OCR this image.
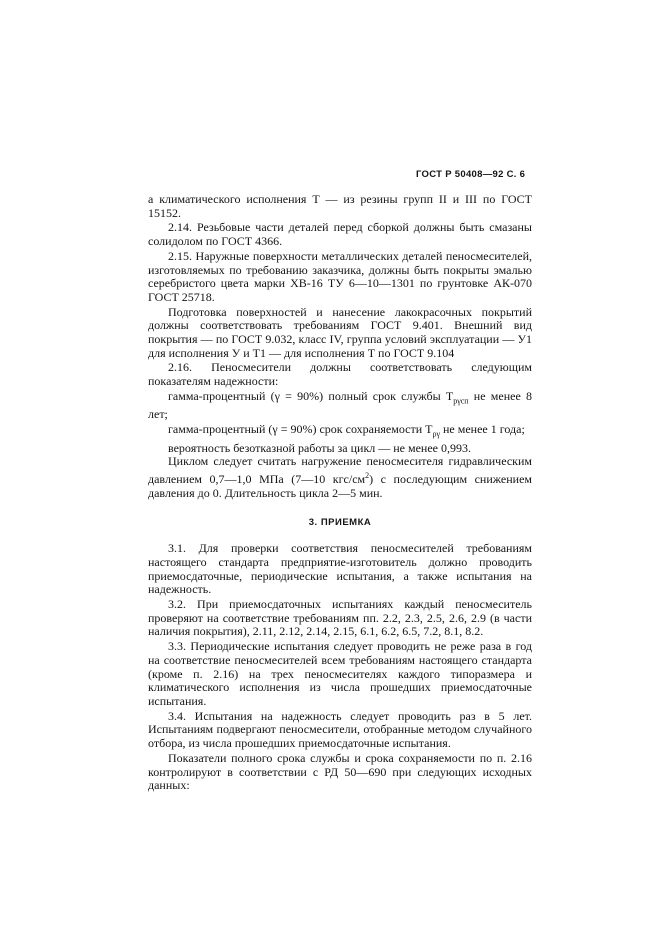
ГОСТ Р 50408—92 С. 6

а климатического исполнения Т — из резины групп II и III по ГОСТ 15152.

2.14. Резьбовые части деталей перед сборкой должны быть смазаны солидолом по ГОСТ 4366.

2.15. Наружные поверхности металлических деталей пеносмесителей, изготовляемых по требованию заказчика, должны быть покрыты эмалью серебристого цвета марки ХВ-16 ТУ 6—10—1301 по грунтовке АК-070 ГОСТ 25718.

Подготовка поверхностей и нанесение лакокрасочных покрытий должны соответствовать требованиям ГОСТ 9.401. Внешний вид покрытия — по ГОСТ 9.032, класс IV, группа условий эксплуатации — У1 для исполнения У и Т1 — для исполнения Т по ГОСТ 9.104

2.16. Пеносмесители должны соответствовать следующим показателям надежности:

гамма-процентный (γ = 90%) полный срок службы $T_{р\gamma сп}$ не менее 8 лет;

гамма-процентный (γ = 90%) срок сохраняемости $T_{\rho\gamma}$ не менее 1 года;

вероятность безотказной работы за цикл — не менее 0,993.

Циклом следует считать нагружение пеносмесителя гидравлическим давлением 0,7—1,0 МПа (7—10 кгс/$см^2$) с последующим снижением давления до 0. Длительность цикла 2—5 мин.

3. ПРИЕМКА

3.1. Для проверки соответствия пеносмесителей требованиям настоящего стандарта предприятие-изготовитель должно проводить приемосдаточные, периодические испытания, а также испытания на надежность.

3.2. При приемосдаточных испытаниях каждый пеносмеситель проверяют на соответствие требованиям пп. 2.2, 2.3, 2.5, 2.6, 2.9 (в части наличия покрытия), 2.11, 2.12, 2.14, 2.15, 6.1, 6.2, 6.5, 7.2, 8.1, 8.2.

3.3. Периодические испытания следует проводить не реже раза в год на соответствие пеносмесителей всем требованиям настоящего стандарта (кроме п. 2.16) на трех пеносмесителях каждого типоразмера и климатического исполнения из числа прошедших приемосдаточные испытания.

3.4. Испытания на надежность следует проводить раз в 5 лет. Испытаниям подвергают пеносмесители, отобранные методом случайного отбора, из числа прошедших приемосдаточные испытания.

Показатели полного срока службы и срока сохраняемости по п. 2.16 контролируют в соответствии с РД 50—690 при следующих исходных данных:
